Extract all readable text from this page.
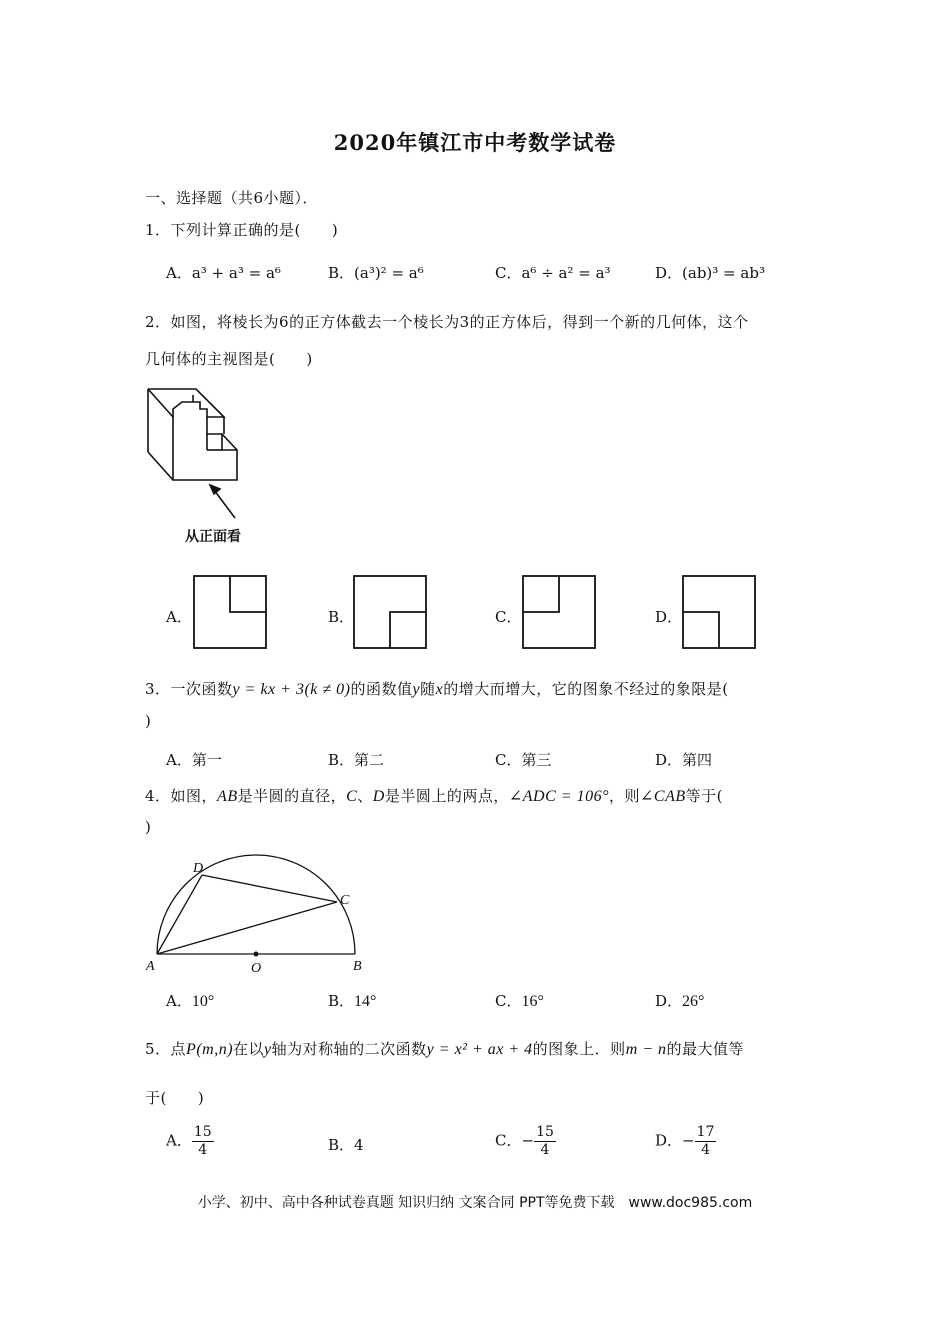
2020年镇江市中考数学试卷
一、选择题（共6小题）．
1．下列计算正确的是(　　)
A．a³ + a³ = a⁶	B．(a³)² = a⁶	C．a⁶ ÷ a² = a³	D．(ab)³ = ab³
2．如图，将棱长为6的正方体截去一个棱长为3的正方体后，得到一个新的几何体，这个
几何体的主视图是(　　)
从正面看
A．	B．	C．	D．
3．一次函数y = kx + 3(k ≠ 0)的函数值y随x的增大而增大，它的图象不经过的象限是(
)
A．第一	B．第二	C．第三	D．第四
4．如图，AB是半圆的直径，C、D是半圆上的两点，∠ADC = 106°，则∠CAB等于(
)
A	B
C
D
O
A．10°	B．14°	C．16°	D．26°
5．点P(m,n)在以y轴为对称轴的二次函数y = x² + ax + 4的图象上．则m − n的最大值等
于(　　)
A． $\frac{15}{4}$	B．4	C．− $\frac{15}{4}$	D．− $\frac{17}{4}$
小学、初中、高中各种试卷真题 知识归纳 文案合同 PPT等免费下载　www.doc985.com
